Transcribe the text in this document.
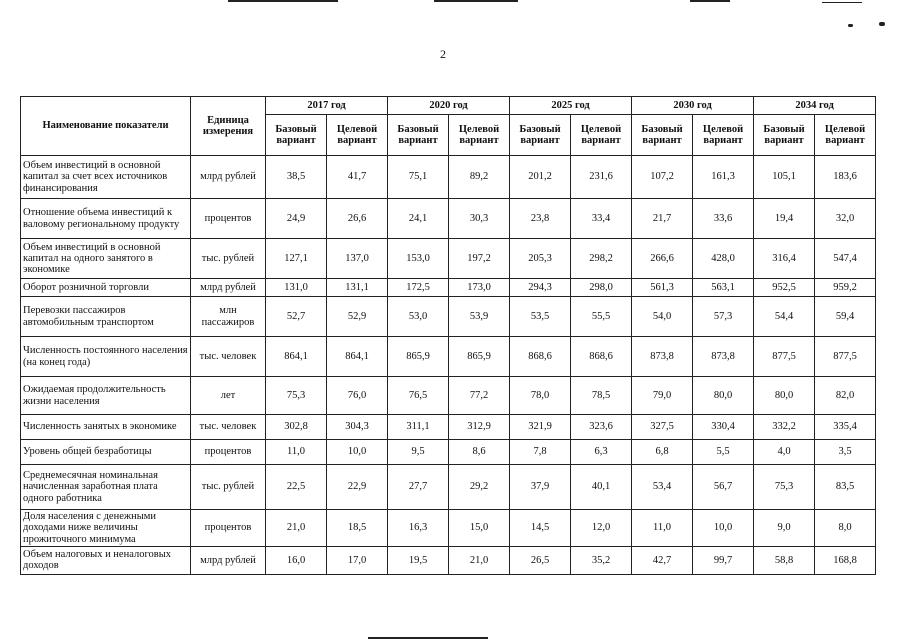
2
Наименование показатели	Единица измерения	2017 год		2020 год		2025 год		2030 год		2034 год	
		Базовый вариант	Целевой вариант	Базовый вариант	Целевой вариант	Базовый вариант	Целевой вариант	Базовый вариант	Целевой вариант	Базовый вариант	Целевой вариант
Объем инвестиций в основной капитал за счет всех источников финансирования	млрд рублей	38,5	41,7	75,1	89,2	201,2	231,6	107,2	161,3	105,1	183,6
Отношение объема инвестиций к валовому региональному продукту	процентов	24,9	26,6	24,1	30,3	23,8	33,4	21,7	33,6	19,4	32,0
Объем инвестиций в основной капитал на одного занятого в экономике	тыс. рублей	127,1	137,0	153,0	197,2	205,3	298,2	266,6	428,0	316,4	547,4
Оборот розничной торговли	млрд рублей	131,0	131,1	172,5	173,0	294,3	298,0	561,3	563,1	952,5	959,2
Перевозки пассажиров автомобильным транспортом	млн пассажиров	52,7	52,9	53,0	53,9	53,5	55,5	54,0	57,3	54,4	59,4
Численность постоянного населения (на конец года)	тыс. человек	864,1	864,1	865,9	865,9	868,6	868,6	873,8	873,8	877,5	877,5
Ожидаемая продолжительность жизни населения	лет	75,3	76,0	76,5	77,2	78,0	78,5	79,0	80,0	80,0	82,0
Численность занятых в экономике	тыс. человек	302,8	304,3	311,1	312,9	321,9	323,6	327,5	330,4	332,2	335,4
Уровень общей безработицы	процентов	11,0	10,0	9,5	8,6	7,8	6,3	6,8	5,5	4,0	3,5
Среднемесячная номинальная начисленная заработная плата одного работника	тыс. рублей	22,5	22,9	27,7	29,2	37,9	40,1	53,4	56,7	75,3	83,5
Доля населения с денежными доходами ниже величины прожиточного минимума	процентов	21,0	18,5	16,3	15,0	14,5	12,0	11,0	10,0	9,0	8,0
Объем налоговых и неналоговых доходов	млрд рублей	16,0	17,0	19,5	21,0	26,5	35,2	42,7	99,7	58,8	168,8
